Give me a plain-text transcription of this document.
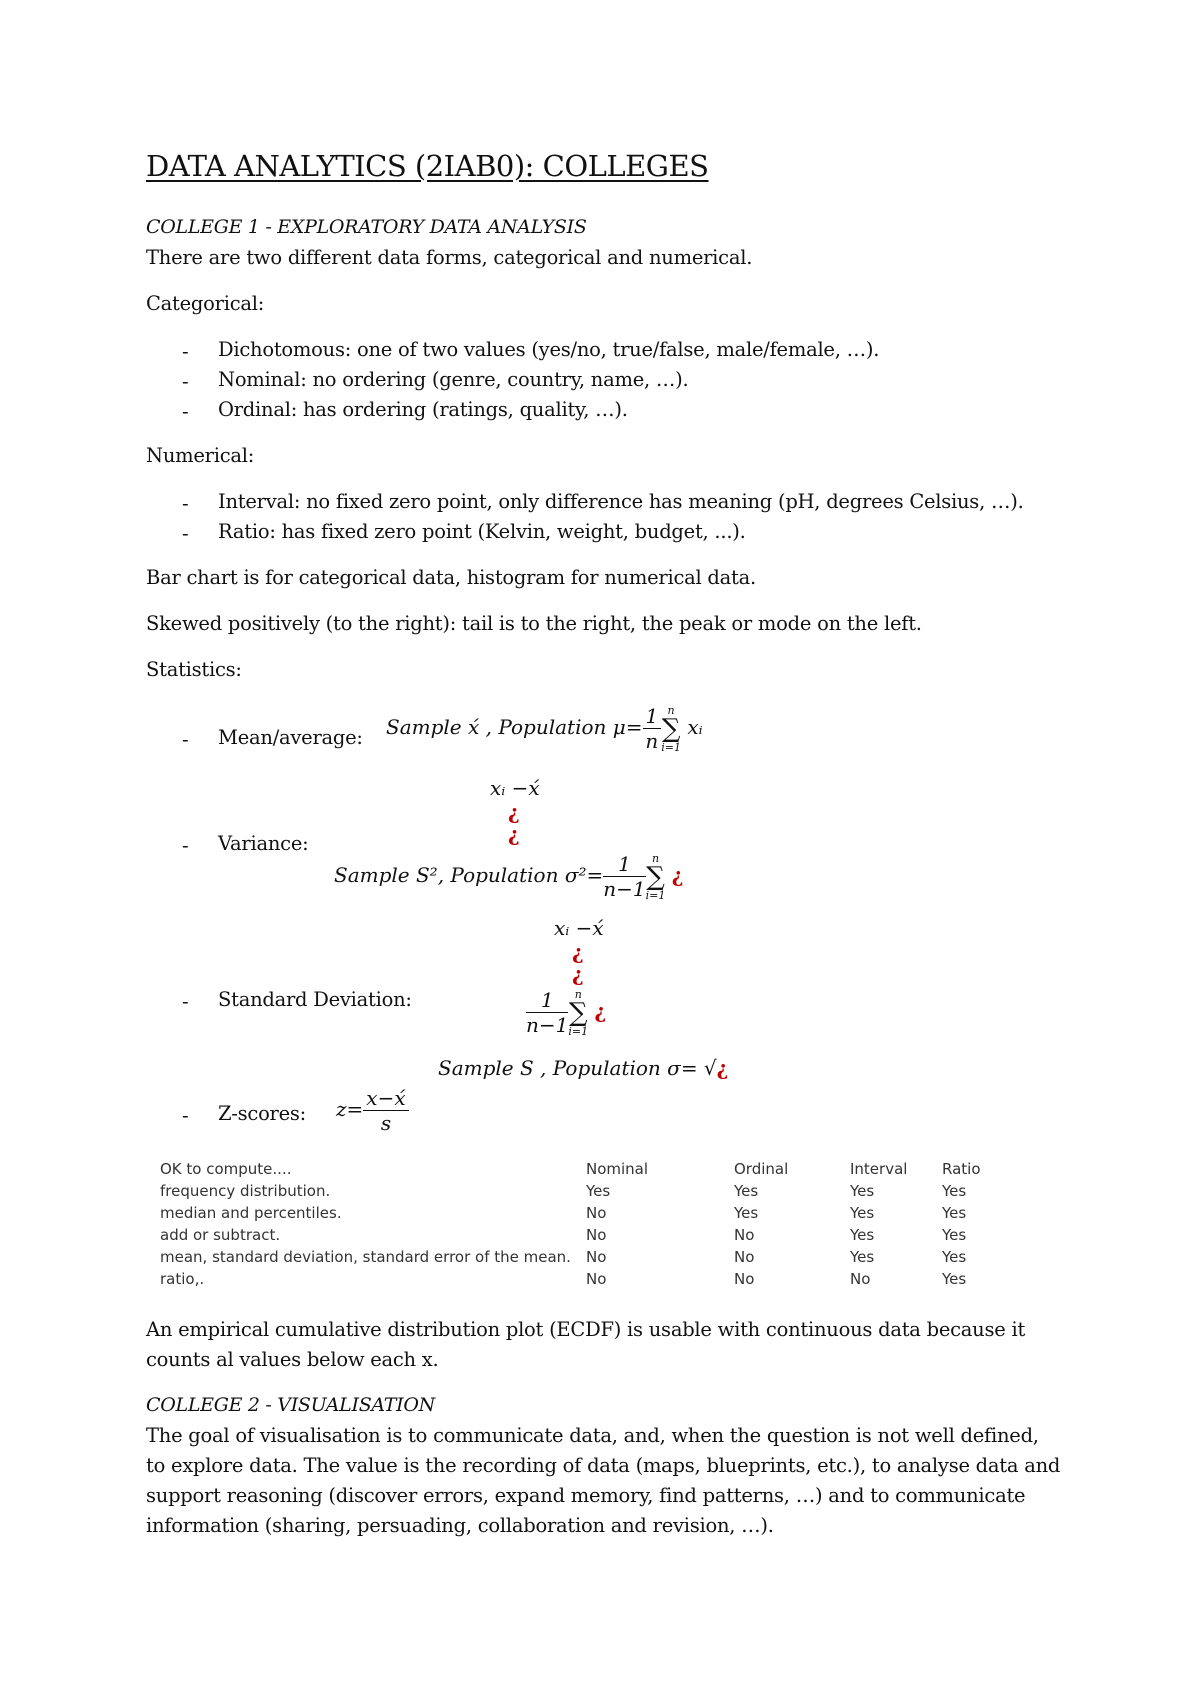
DATA ANALYTICS (2IAB0): COLLEGES
COLLEGE 1 - EXPLORATORY DATA ANALYSIS
There are two different data forms, categorical and numerical.
Categorical:
- Dichotomous: one of two values (yes/no, true/false, male/female, …).
- Nominal: no ordering (genre, country, name, …).
- Ordinal: has ordering (ratings, quality, …).
Numerical:
- Interval: no fixed zero point, only difference has meaning (pH, degrees Celsius, …).
- Ratio: has fixed zero point (Kelvin, weight, budget, ...).
Bar chart is for categorical data, histogram for numerical data.
Skewed positively (to the right): tail is to the right, the peak or mode on the left.
Statistics:
- Mean/average: Sample x́ , Population $\mu= \frac{1}{n}$ n
∑
i=1
xᵢ
xᵢ −x́
¿
¿
- Variance:
Sample S², Population $\sigma^2= \frac{1}{n-1}$ n
∑
i=1
¿
xᵢ −x́
¿
¿
- Standard Deviation:	$\frac{1}{n-1}$ n
∑
i=1
¿
Sample S , Population σ= √¿
- Z-scores: $z= \frac{x-x́}{s}$
OK to compute....	Nominal	Ordinal	Interval	Ratio
frequency distribution.	Yes	Yes	Yes	Yes
median and percentiles.	No	Yes	Yes	Yes
add or subtract.	No	No	Yes	Yes
mean, standard deviation, standard error of the mean.	No	No	Yes	Yes
ratio,.	No	No	No	Yes
An empirical cumulative distribution plot (ECDF) is usable with continuous data because it
counts al values below each x.
COLLEGE 2 - VISUALISATION
The goal of visualisation is to communicate data, and, when the question is not well defined,
to explore data. The value is the recording of data (maps, blueprints, etc.), to analyse data and
support reasoning (discover errors, expand memory, find patterns, …) and to communicate
information (sharing, persuading, collaboration and revision, …).
